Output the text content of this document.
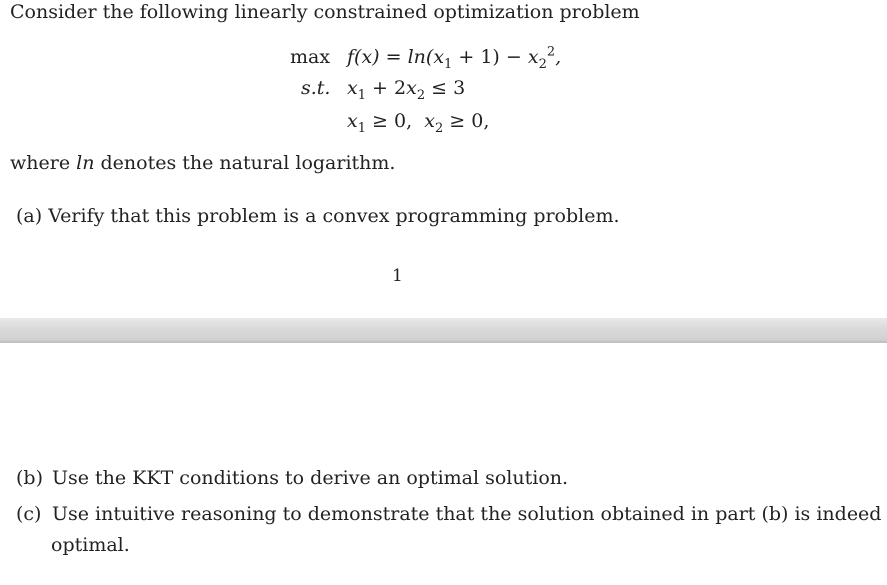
Consider the following linearly constrained optimization problem
$\max f(x) = \ln(x_1 + 1) - x_2^2$,
s.t. $x_1 + 2x_2 \le 3$
$x_1 \ge 0$,  $x_2 \ge 0$,
where ln denotes the natural logarithm.
(a) Verify that this problem is a convex programming problem.
1
(b) Use the KKT conditions to derive an optimal solution.
(c) Use intuitive reasoning to demonstrate that the solution obtained in part (b) is indeed
optimal.
